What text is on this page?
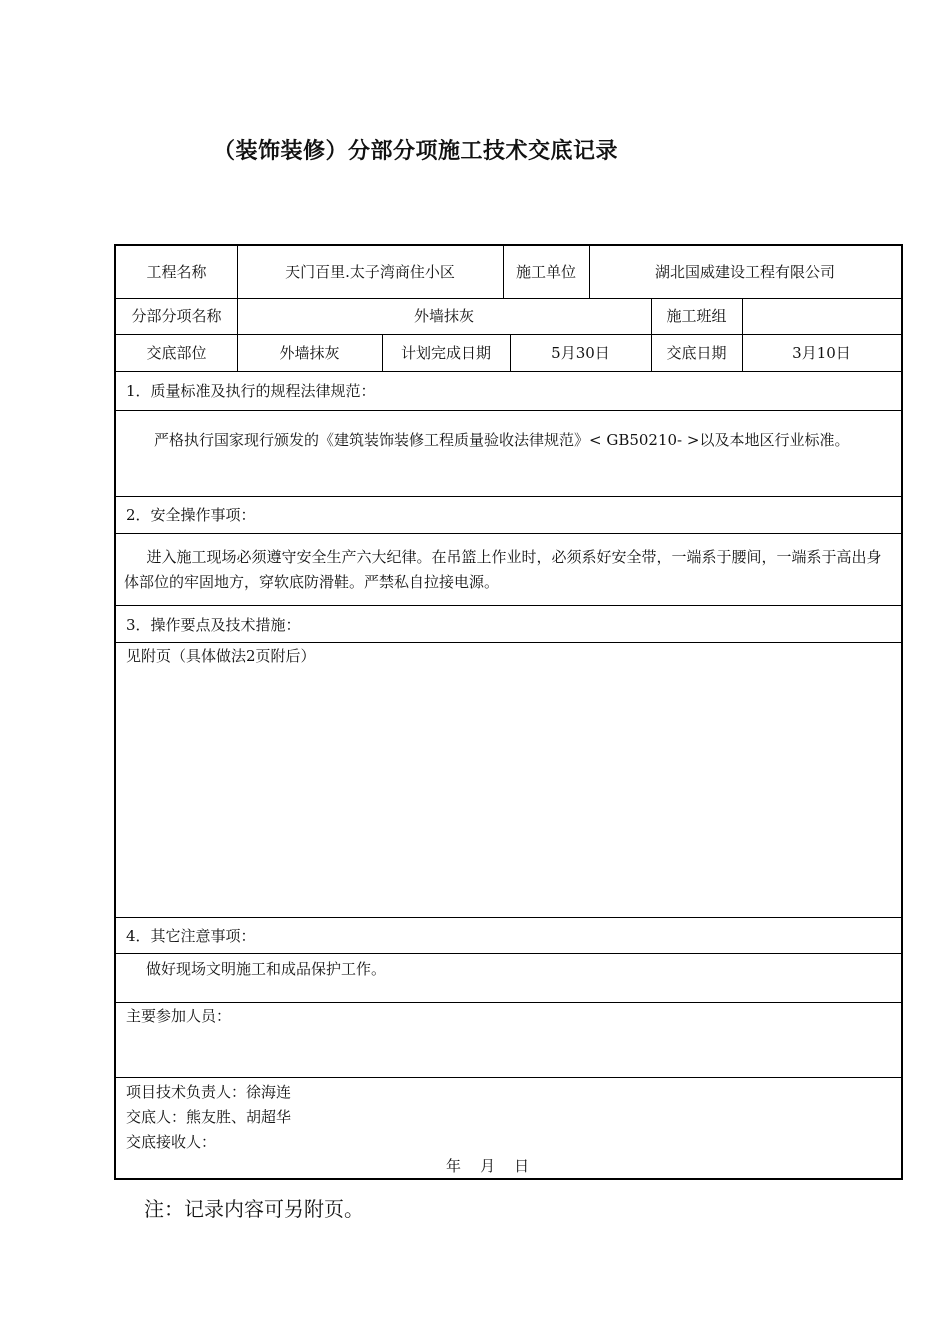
（装饰装修）分部分项施工技术交底记录
工程名称	天门百里.太子湾商住小区	施工单位	湖北国威建设工程有限公司
分部分项名称	外墙抹灰	施工班组
交底部位	外墙抹灰	计划完成日期	5月30日	交底日期	3月10日
1．质量标准及执行的规程法律规范：
严格执行国家现行颁发的《建筑装饰装修工程质量验收法律规范》< GB50210- >以及本地区行业标准。
2．安全操作事项：
进入施工现场必须遵守安全生产六大纪律。在吊篮上作业时，必须系好安全带，一端系于腰间，一端系于高出身体部位的牢固地方，穿软底防滑鞋。严禁私自拉接电源。
3．操作要点及技术措施：
见附页（具体做法2页附后）
4．其它注意事项：
做好现场文明施工和成品保护工作。
主要参加人员：
项目技术负责人：徐海连
交底人：熊友胜、胡超华
交底接收人：
年    月    日
注：记录内容可另附页。
